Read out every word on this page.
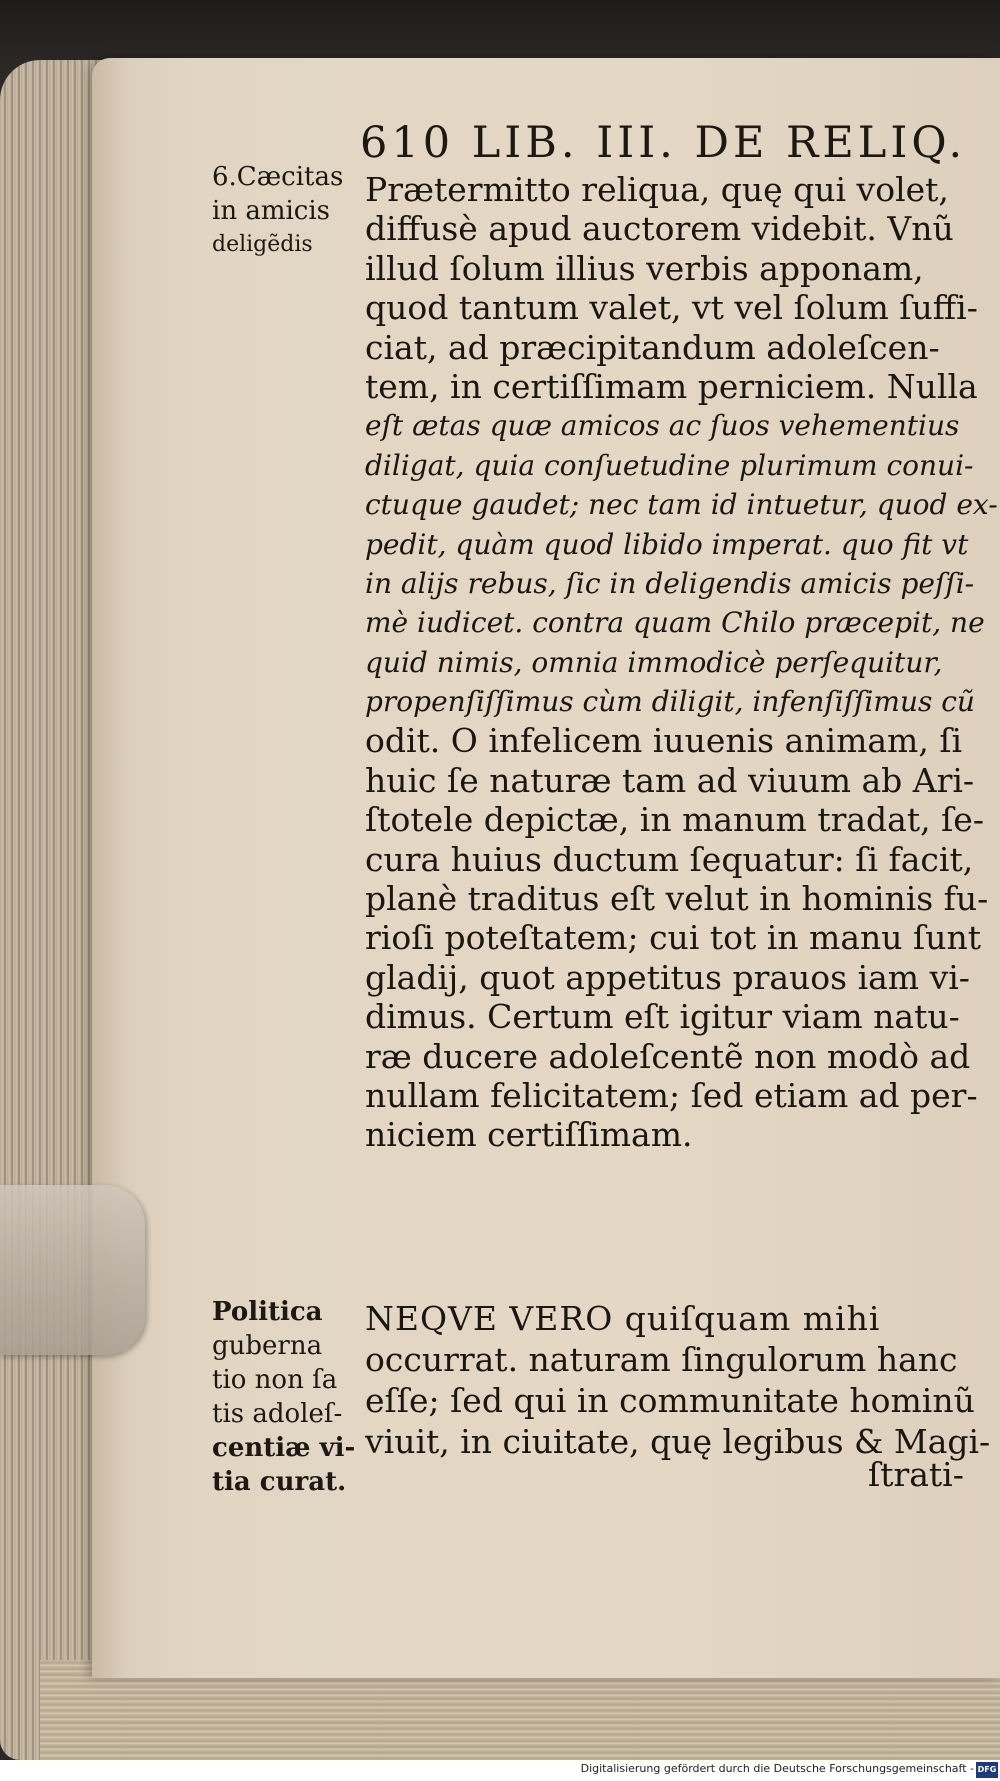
610 LIB. III. DE RELIQ.
6.Cæcitas
in amicis
deligẽdis
Prætermitto reliqua, quę qui volet,
diffusè apud auctorem videbit. Vnũ
illud ſolum illius verbis apponam,
quod tantum valet, vt vel ſolum ſuffi-
ciat, ad præcipitandum adoleſcen-
tem, in certiſſimam perniciem. Nulla
eſt ætas quæ amicos ac ſuos vehementius
diligat, quia conſuetudine plurimum conui-
ctuque gaudet; nec tam id intuetur, quod ex-
pedit, quàm quod libido imperat. quo fit vt
in alijs rebus, ſic in deligendis amicis peſſi-
mè iudicet. contra quam Chilo præcepit, ne
quid nimis, omnia immodicè perſequitur,
propenſiſſimus cùm diligit, infenſiſſimus cũ
odit. O infelicem iuuenis animam, ſi
huic ſe naturæ tam ad viuum ab Ari-
ſtotele depictæ, in manum tradat, ſe-
cura huius ductum ſequatur: ſi facit,
planè traditus eſt velut in hominis fu-
rioſi poteſtatem; cui tot in manu ſunt
gladij, quot appetitus prauos iam vi-
dimus. Certum eſt igitur viam natu-
ræ ducere adoleſcentẽ non modò ad
nullam felicitatem; ſed etiam ad per-
niciem certiſſimam.
Politica
guberna
tio non ſa
tis adoleſ-
centiæ vi-
tia curat.
NEQVE VERO quiſquam mihi
occurrat. naturam ſingulorum hanc
eſſe; ſed qui in communitate hominũ
viuit, in ciuitate, quę legibus & Magi-
ſtrati-
Digitalisierung gefördert durch die Deutsche Forschungsgemeinschaft - DFG
